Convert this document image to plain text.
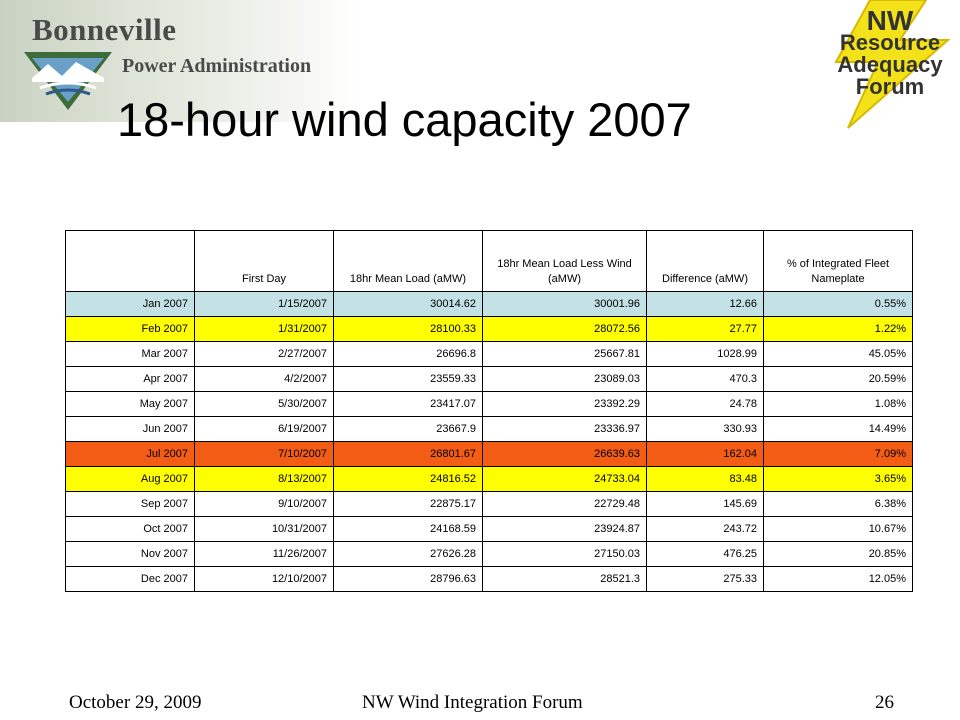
Bonneville
Power Administration
NW
Resource
Adequacy
Forum
18-hour wind capacity 2007
	First Day	18hr Mean Load (aMW)	18hr Mean Load Less Wind (aMW)	Difference (aMW)	% of Integrated Fleet Nameplate
Jan 2007	1/15/2007	30014.62	30001.96	12.66	0.55%
Feb 2007	1/31/2007	28100.33	28072.56	27.77	1.22%
Mar 2007	2/27/2007	26696.8	25667.81	1028.99	45.05%
Apr 2007	4/2/2007	23559.33	23089.03	470.3	20.59%
May 2007	5/30/2007	23417.07	23392.29	24.78	1.08%
Jun 2007	6/19/2007	23667.9	23336.97	330.93	14.49%
Jul 2007	7/10/2007	26801.67	26639.63	162.04	7.09%
Aug 2007	8/13/2007	24816.52	24733.04	83.48	3.65%
Sep 2007	9/10/2007	22875.17	22729.48	145.69	6.38%
Oct 2007	10/31/2007	24168.59	23924.87	243.72	10.67%
Nov 2007	11/26/2007	27626.28	27150.03	476.25	20.85%
Dec 2007	12/10/2007	28796.63	28521.3	275.33	12.05%
October 29, 2009	NW Wind Integration Forum	26
